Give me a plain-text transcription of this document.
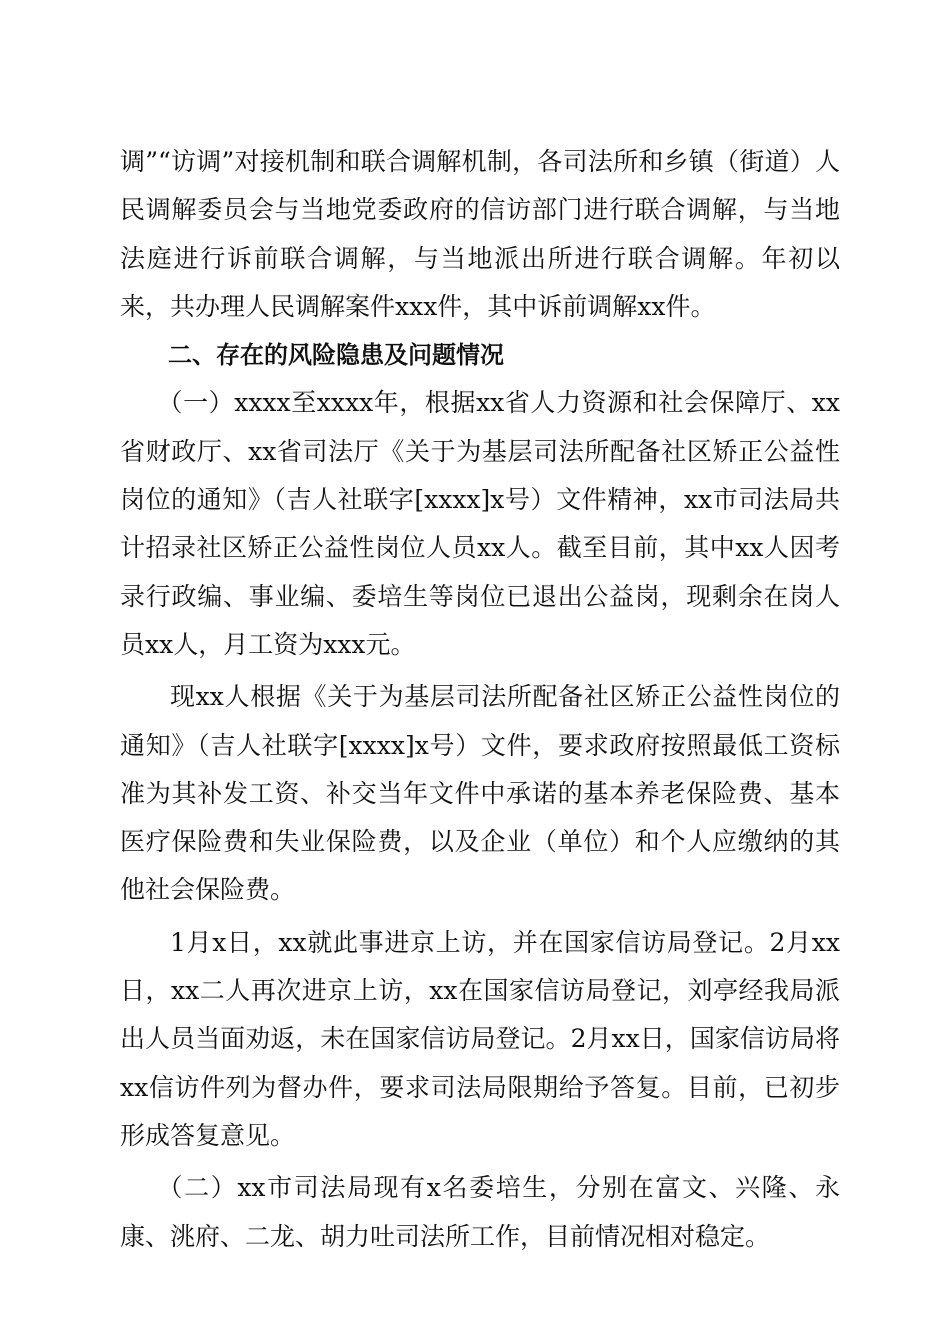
调”“访调”对接机制和联合调解机制，各司法所和乡镇（街道）人民调解委员会与当地党委政府的信访部门进行联合调解，与当地法庭进行诉前联合调解，与当地派出所进行联合调解。年初以来，共办理人民调解案件xxx件，其中诉前调解xx件。

二、存在的风险隐患及问题情况

（一）xxxx至xxxx年，根据xx省人力资源和社会保障厅、xx省财政厅、xx省司法厅《关于为基层司法所配备社区矫正公益性岗位的通知》（吉人社联字[xxxx]x号）文件精神，xx市司法局共计招录社区矫正公益性岗位人员xx人。截至目前，其中xx人因考录行政编、事业编、委培生等岗位已退出公益岗，现剩余在岗人员xx人，月工资为xxx元。

现xx人根据《关于为基层司法所配备社区矫正公益性岗位的通知》（吉人社联字[xxxx]x号）文件，要求政府按照最低工资标准为其补发工资、补交当年文件中承诺的基本养老保险费、基本医疗保险费和失业保险费，以及企业（单位）和个人应缴纳的其他社会保险费。

1月x日，xx就此事进京上访，并在国家信访局登记。2月xx日，xx二人再次进京上访，xx在国家信访局登记，刘亭经我局派出人员当面劝返，未在国家信访局登记。2月xx日，国家信访局将xx信访件列为督办件，要求司法局限期给予答复。目前，已初步形成答复意见。

（二）xx市司法局现有x名委培生，分别在富文、兴隆、永康、洮府、二龙、胡力吐司法所工作，目前情况相对稳定。
